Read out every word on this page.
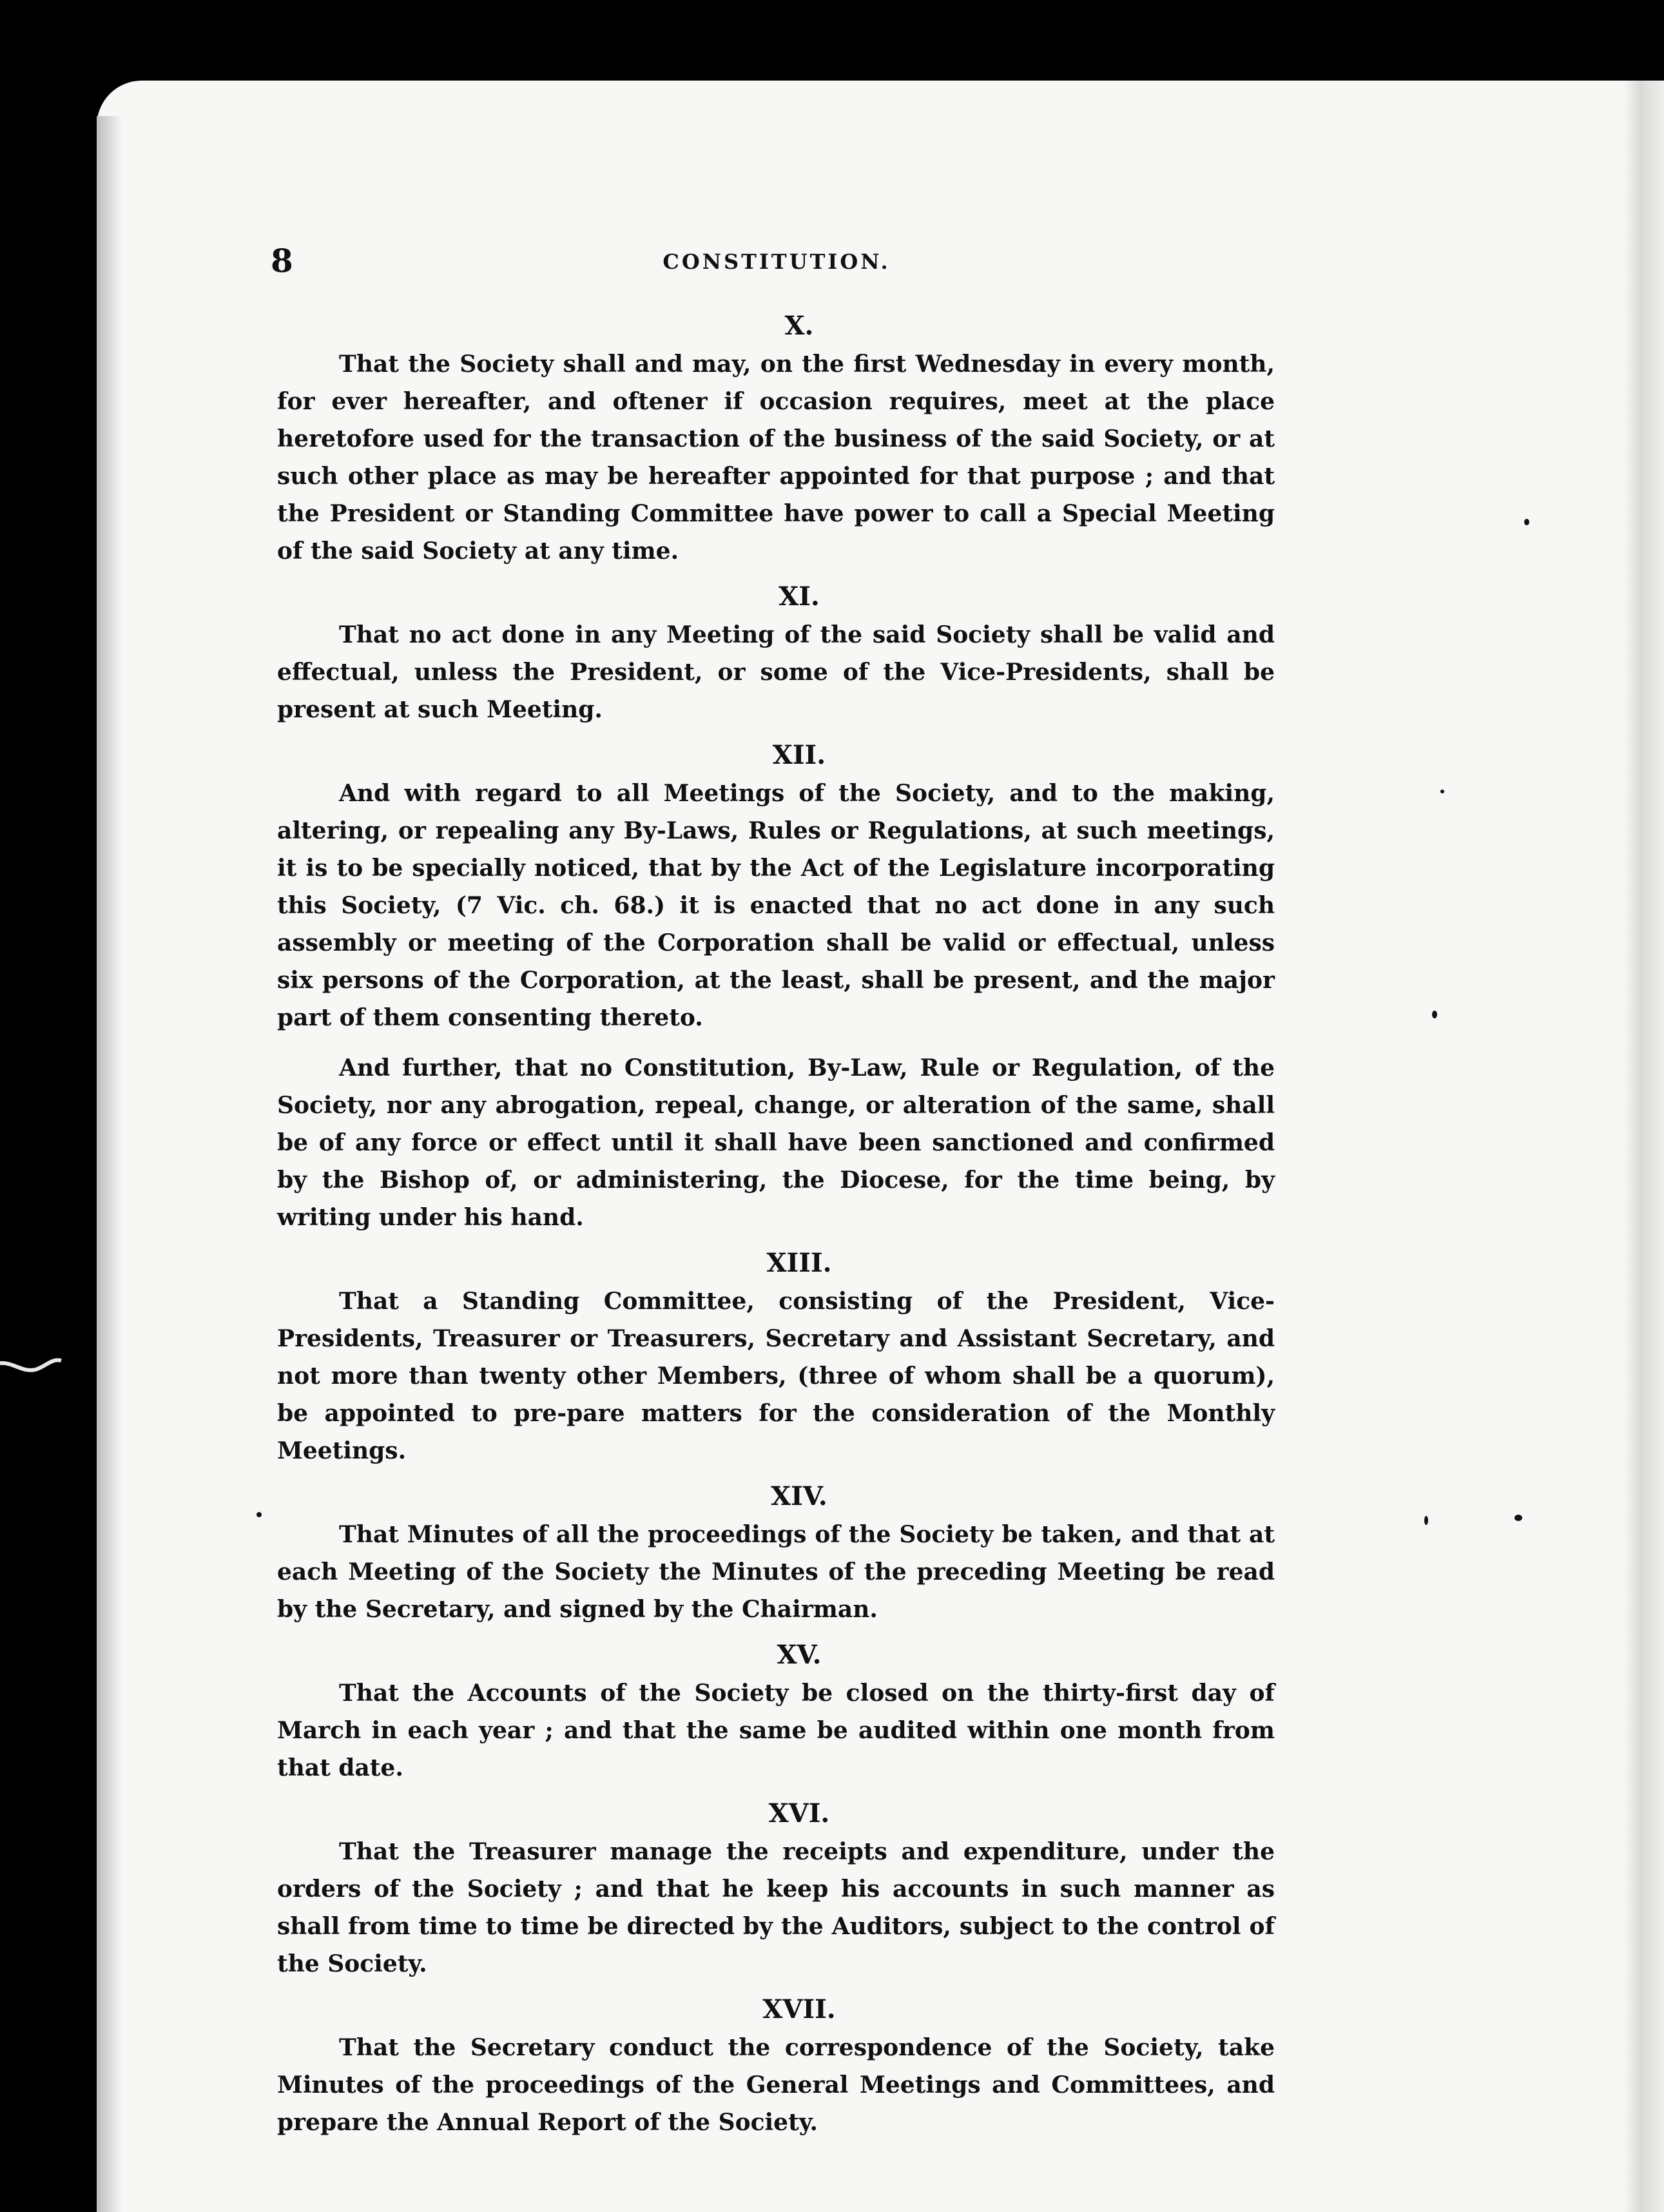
8	CONSTITUTION.
X.

That the Society shall and may, on the first Wednesday in every month, for ever hereafter, and oftener if occasion requires, meet at the place heretofore used for the transaction of the business of the said Society, or at such other place as may be hereafter appointed for that purpose ; and that the President or Standing Committee have power to call a Special Meeting of the said Society at any time.

XI.

That no act done in any Meeting of the said Society shall be valid and effectual, unless the President, or some of the Vice-Presidents, shall be present at such Meeting.

XII.

And with regard to all Meetings of the Society, and to the making, altering, or repealing any By-Laws, Rules or Regulations, at such meetings, it is to be specially noticed, that by the Act of the Legislature incorporating this Society, (7 Vic. ch. 68.) it is enacted that no act done in any such assembly or meeting of the Corporation shall be valid or effectual, unless six persons of the Corporation, at the least, shall be present, and the major part of them consenting thereto.

And further, that no Constitution, By-Law, Rule or Regulation, of the Society, nor any abrogation, repeal, change, or alteration of the same, shall be of any force or effect until it shall have been sanctioned and confirmed by the Bishop of, or administering, the Diocese, for the time being, by writing under his hand.

XIII.

That a Standing Committee, consisting of the President, Vice-Presidents, Treasurer or Treasurers, Secretary and Assistant Secretary, and not more than twenty other Members, (three of whom shall be a quorum), be appointed to pre-pare matters for the consideration of the Monthly Meetings.

XIV.

That Minutes of all the proceedings of the Society be taken, and that at each Meeting of the Society the Minutes of the preceding Meeting be read by the Secretary, and signed by the Chairman.

XV.

That the Accounts of the Society be closed on the thirty-first day of March in each year ; and that the same be audited within one month from that date.

XVI.

That the Treasurer manage the receipts and expenditure, under the orders of the Society ; and that he keep his accounts in such manner as shall from time to time be directed by the Auditors, subject to the control of the Society.

XVII.

That the Secretary conduct the correspondence of the Society, take Minutes of the proceedings of the General Meetings and Committees, and prepare the Annual Report of the Society.
